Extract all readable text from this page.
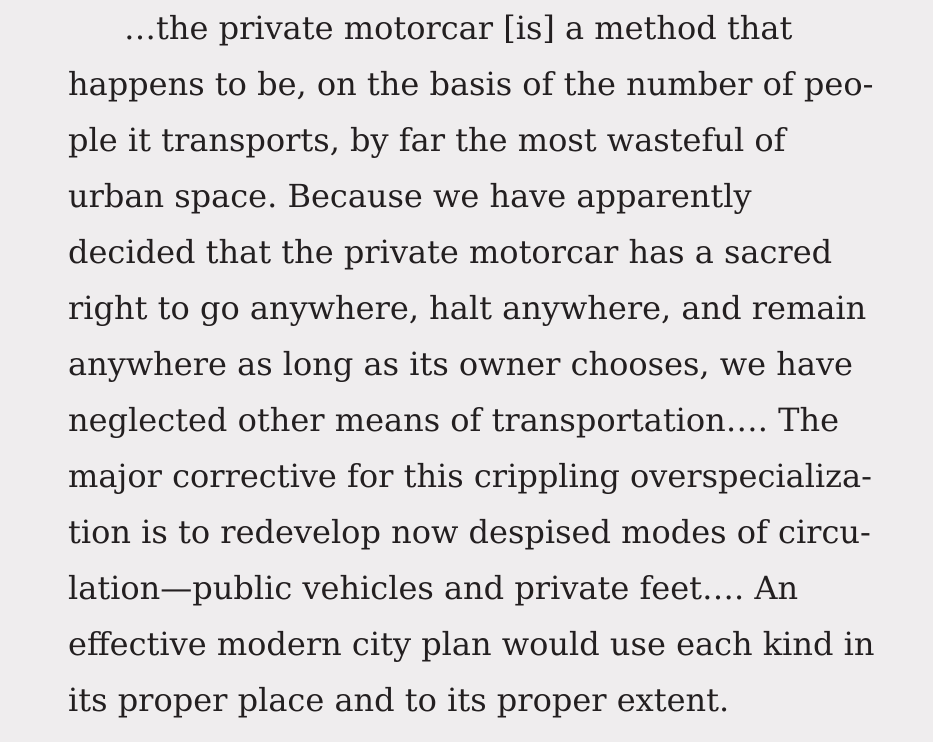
…the private motorcar [is] a method that

happens to be, on the basis of the number of peo-

ple it transports, by far the most wasteful of

urban space. Because we have apparently

decided that the private motorcar has a sacred

right to go anywhere, halt anywhere, and remain

anywhere as long as its owner chooses, we have

neglected other means of transportation…. The

major corrective for this crippling overspecializa-

tion is to redevelop now despised modes of circu-

lation—public vehicles and private feet…. An

effective modern city plan would use each kind in

its proper place and to its proper extent.
